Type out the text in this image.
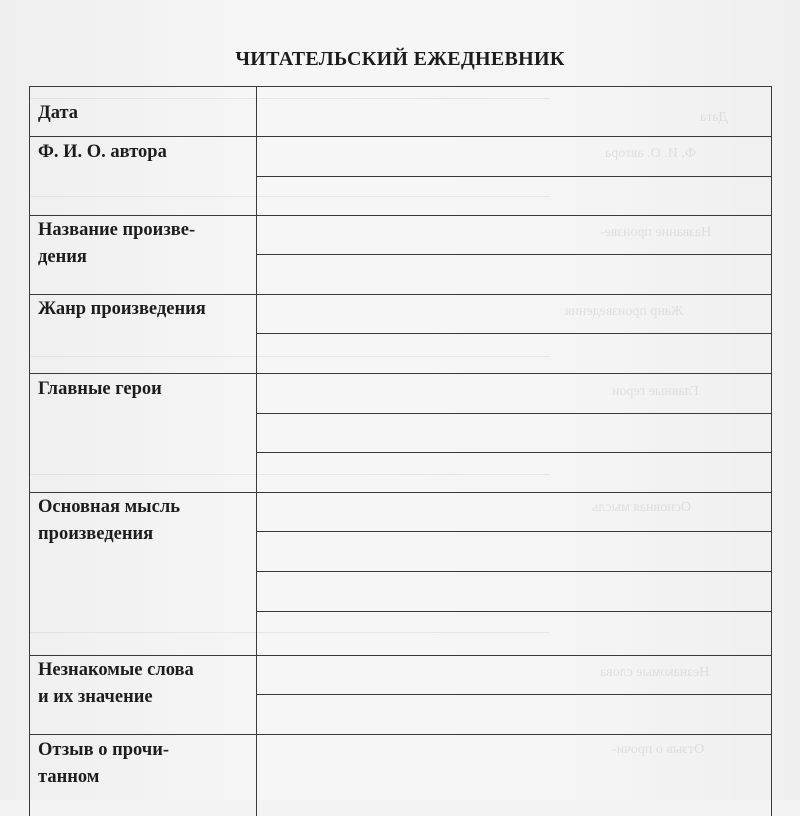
Дата
Ф. И. О. автора
Название произве-
Жанр произведения
Главные герои
Основная мысль
Незнакомые слова
Отзыв о прочи-
ЧИТАТЕЛЬСКИЙ ЕЖЕДНЕВНИК
Дата
Ф. И. О. автора
Название произве-
дения
Жанр произведения
Главные герои
Основная мысль
произведения
Незнакомые слова
и их значение
Отзыв о прочи-
танном
